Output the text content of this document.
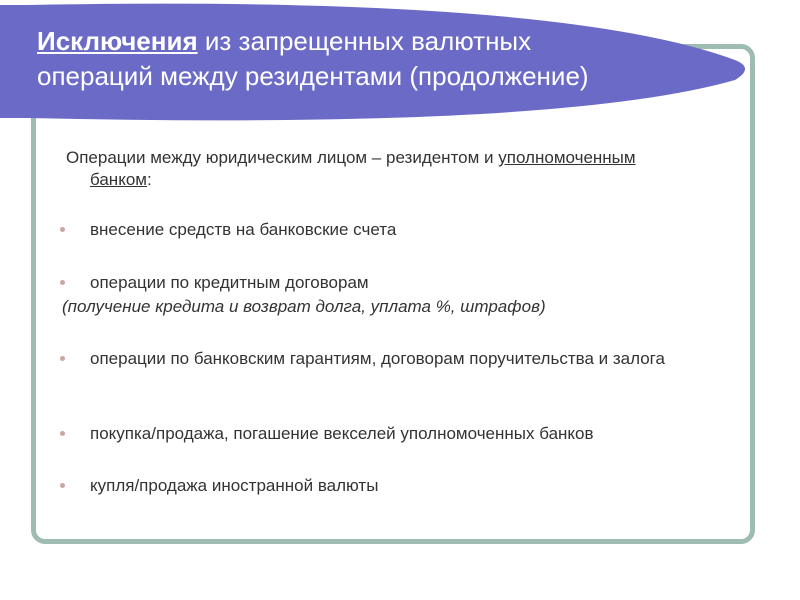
Исключения из запрещенных валютных
операций между резидентами (продолжение)
Операции между юридическим лицом – резидентом и уполномоченным
банком:
внесение средств на банковские счета
операции по кредитным договорам
(получение кредита и возврат долга, уплата %, штрафов)
операции по банковским гарантиям, договорам поручительства и залога
покупка/продажа, погашение векселей уполномоченных банков
купля/продажа иностранной валюты
